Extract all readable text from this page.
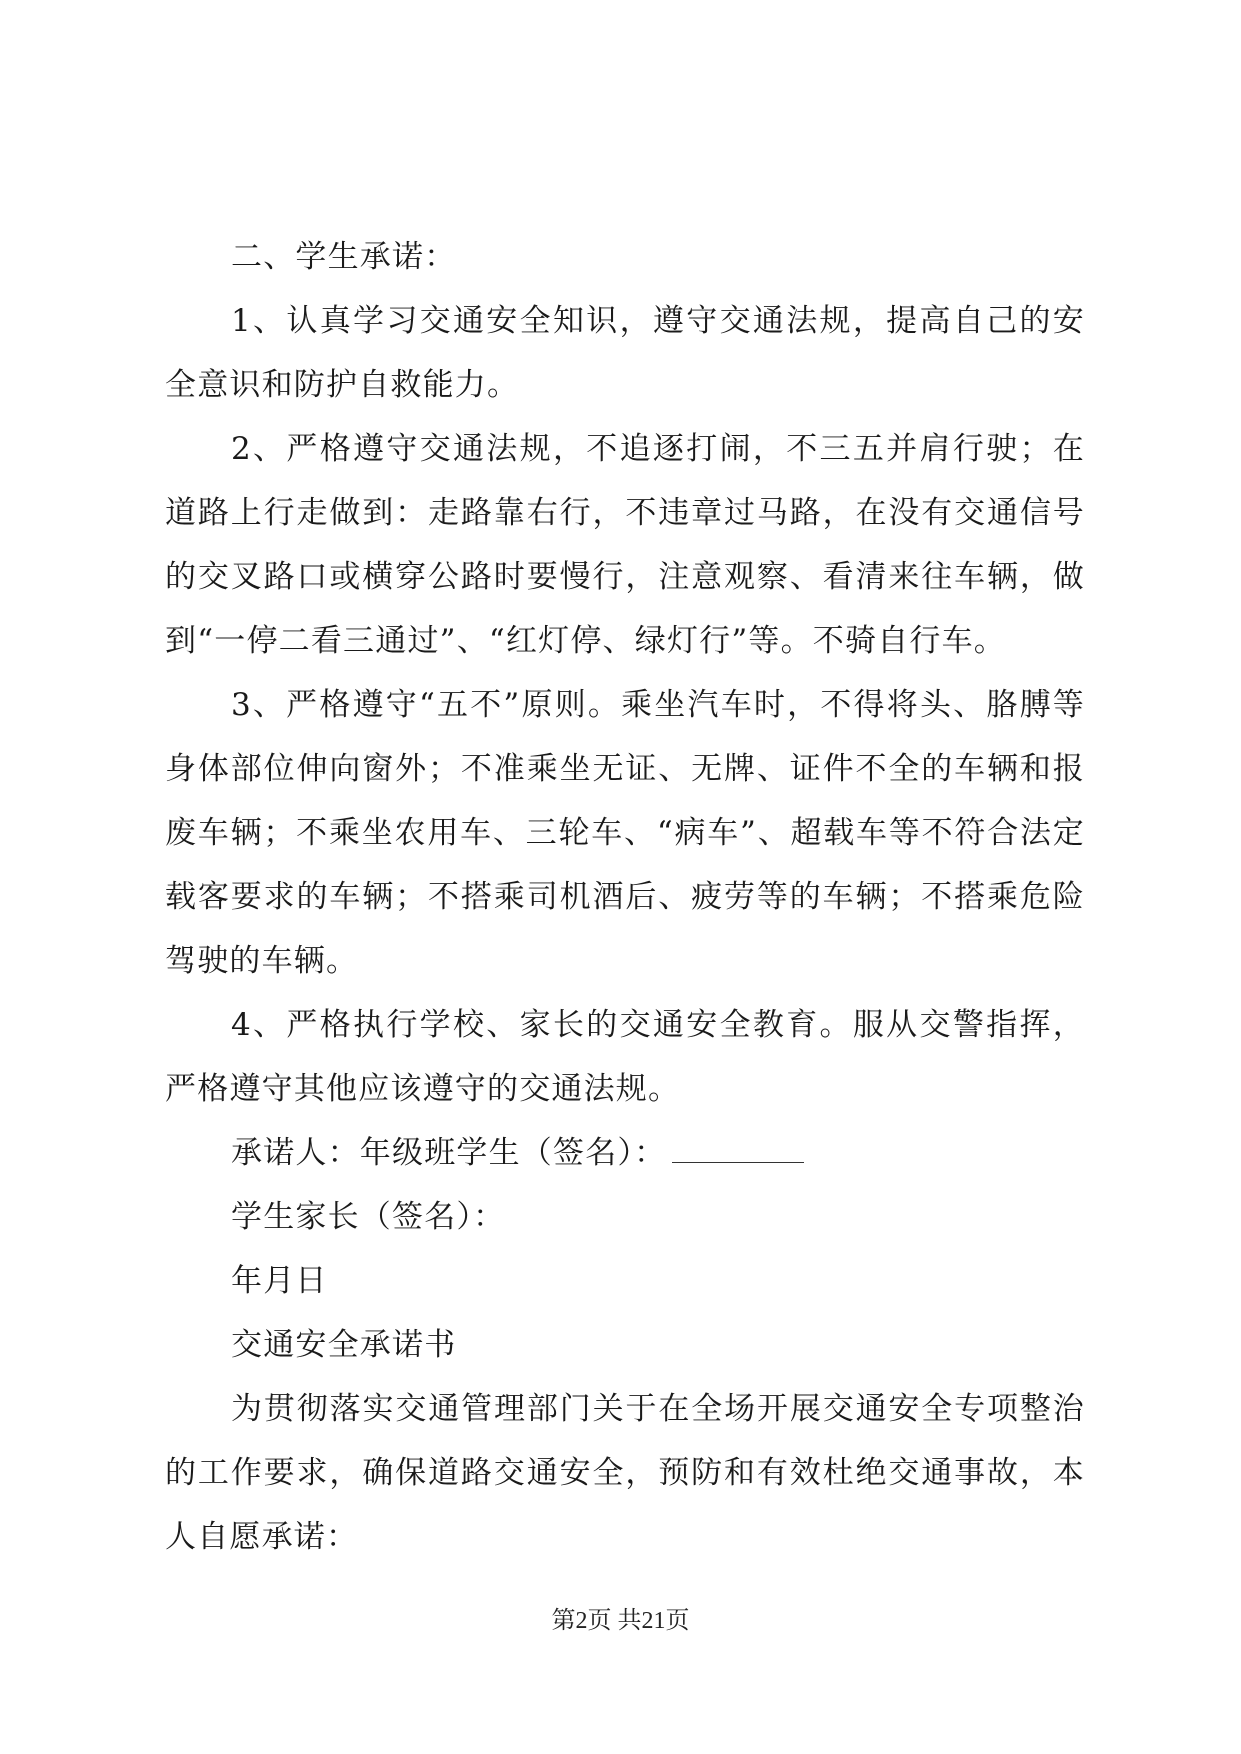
二、学生承诺：

1、认真学习交通安全知识，遵守交通法规，提高自己的安全意识和防护自救能力。

2、严格遵守交通法规，不追逐打闹，不三五并肩行驶；在道路上行走做到：走路靠右行，不违章过马路，在没有交通信号的交叉路口或横穿公路时要慢行，注意观察、看清来往车辆，做到“一停二看三通过”、“红灯停、绿灯行”等。不骑自行车。

3、严格遵守“五不”原则。乘坐汽车时，不得将头、胳膊等身体部位伸向窗外；不准乘坐无证、无牌、证件不全的车辆和报废车辆；不乘坐农用车、三轮车、“病车”、超载车等不符合法定载客要求的车辆；不搭乘司机酒后、疲劳等的车辆；不搭乘危险驾驶的车辆。

4、严格执行学校、家长的交通安全教育。服从交警指挥，严格遵守其他应该遵守的交通法规。

承诺人：年级班学生（签名）：

学生家长（签名）：

年月日

交通安全承诺书

为贯彻落实交通管理部门关于在全场开展交通安全专项整治的工作要求，确保道路交通安全，预防和有效杜绝交通事故，本人自愿承诺：

第2页 共21页
